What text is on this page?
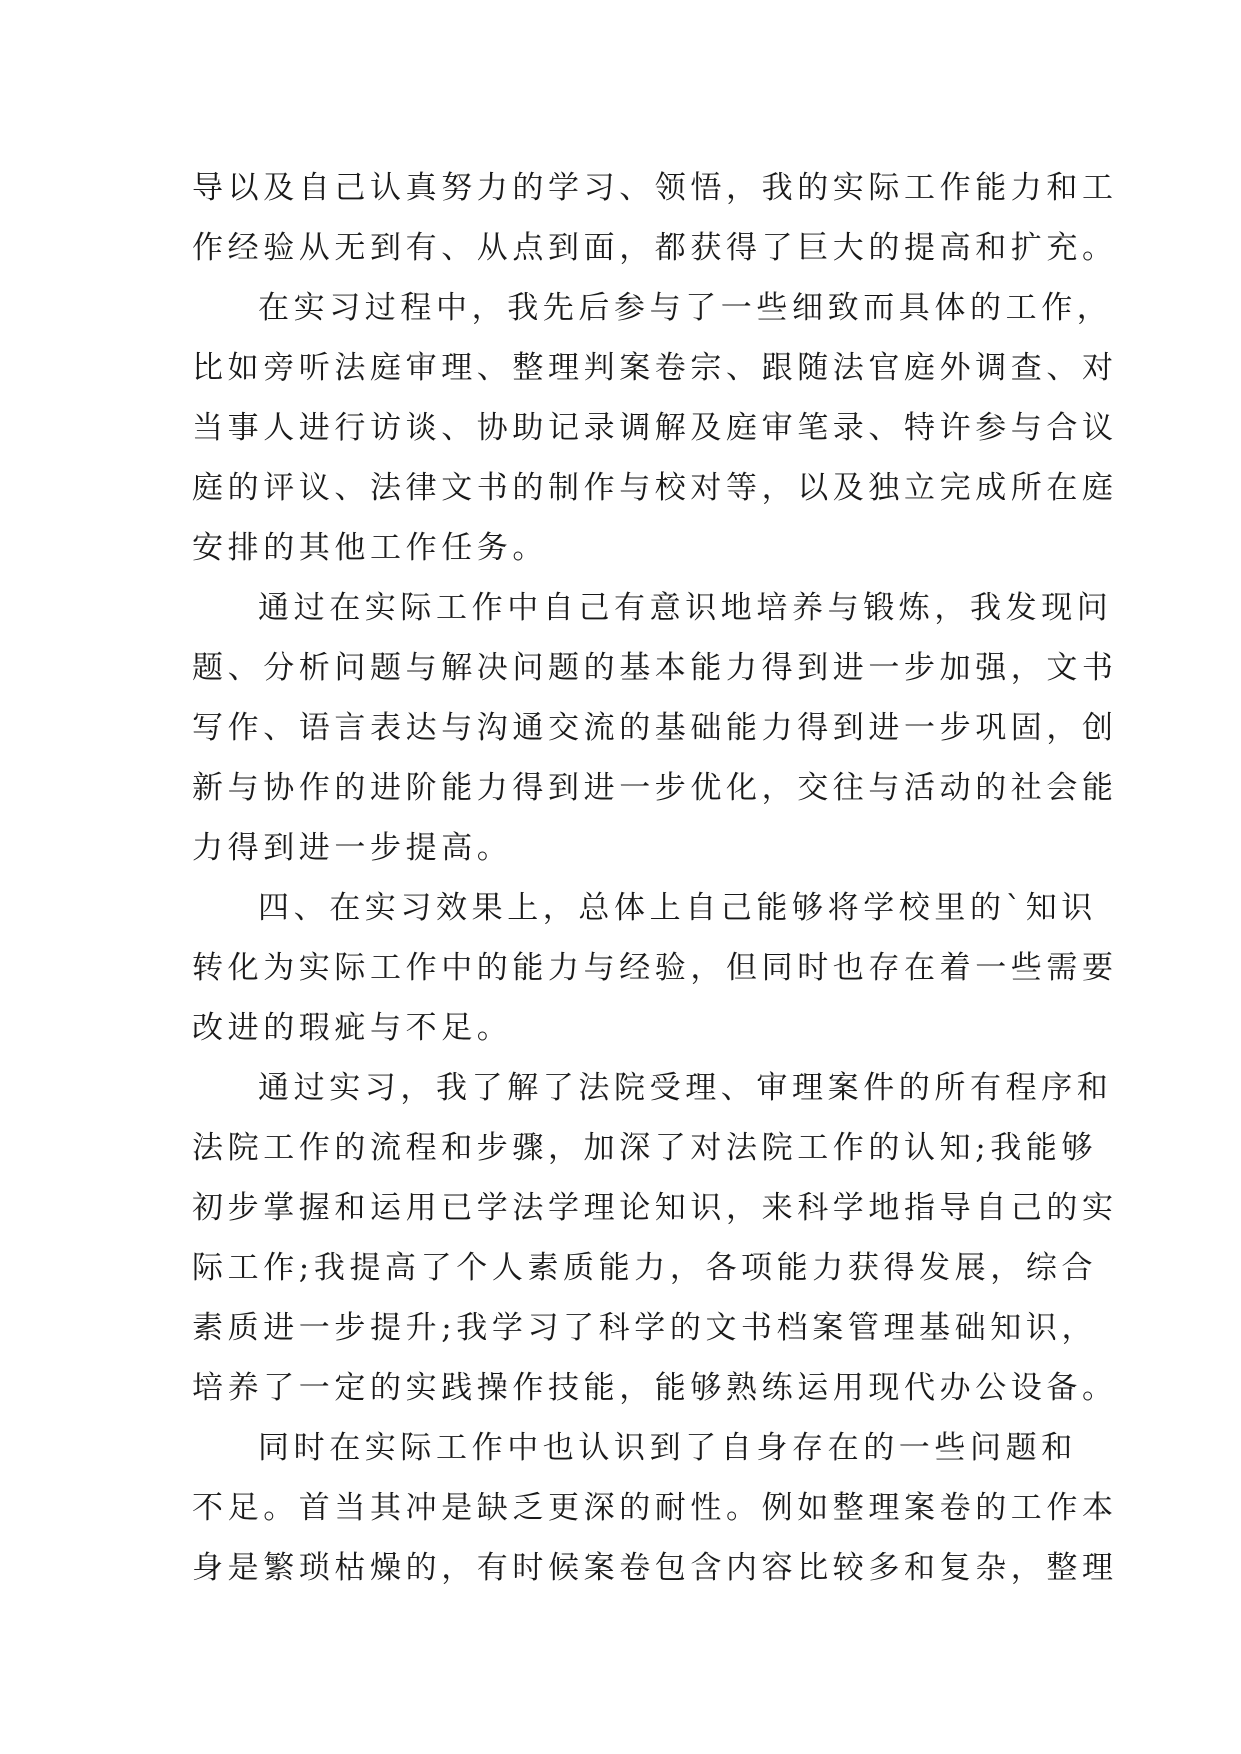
导以及自己认真努力的学习、领悟，我的实际工作能力和工
作经验从无到有、从点到面，都获得了巨大的提高和扩充。
在实习过程中，我先后参与了一些细致而具体的工作，
比如旁听法庭审理、整理判案卷宗、跟随法官庭外调查、对
当事人进行访谈、协助记录调解及庭审笔录、特许参与合议
庭的评议、法律文书的制作与校对等，以及独立完成所在庭
安排的其他工作任务。
通过在实际工作中自己有意识地培养与锻炼，我发现问
题、分析问题与解决问题的基本能力得到进一步加强，文书
写作、语言表达与沟通交流的基础能力得到进一步巩固，创
新与协作的进阶能力得到进一步优化，交往与活动的社会能
力得到进一步提高。
四、在实习效果上，总体上自己能够将学校里的`知识
转化为实际工作中的能力与经验，但同时也存在着一些需要
改进的瑕疵与不足。
通过实习，我了解了法院受理、审理案件的所有程序和
法院工作的流程和步骤，加深了对法院工作的认知;我能够
初步掌握和运用已学法学理论知识，来科学地指导自己的实
际工作;我提高了个人素质能力，各项能力获得发展，综合
素质进一步提升;我学习了科学的文书档案管理基础知识，
培养了一定的实践操作技能，能够熟练运用现代办公设备。
同时在实际工作中也认识到了自身存在的一些问题和
不足。首当其冲是缺乏更深的耐性。例如整理案卷的工作本
身是繁琐枯燥的，有时候案卷包含内容比较多和复杂，整理
